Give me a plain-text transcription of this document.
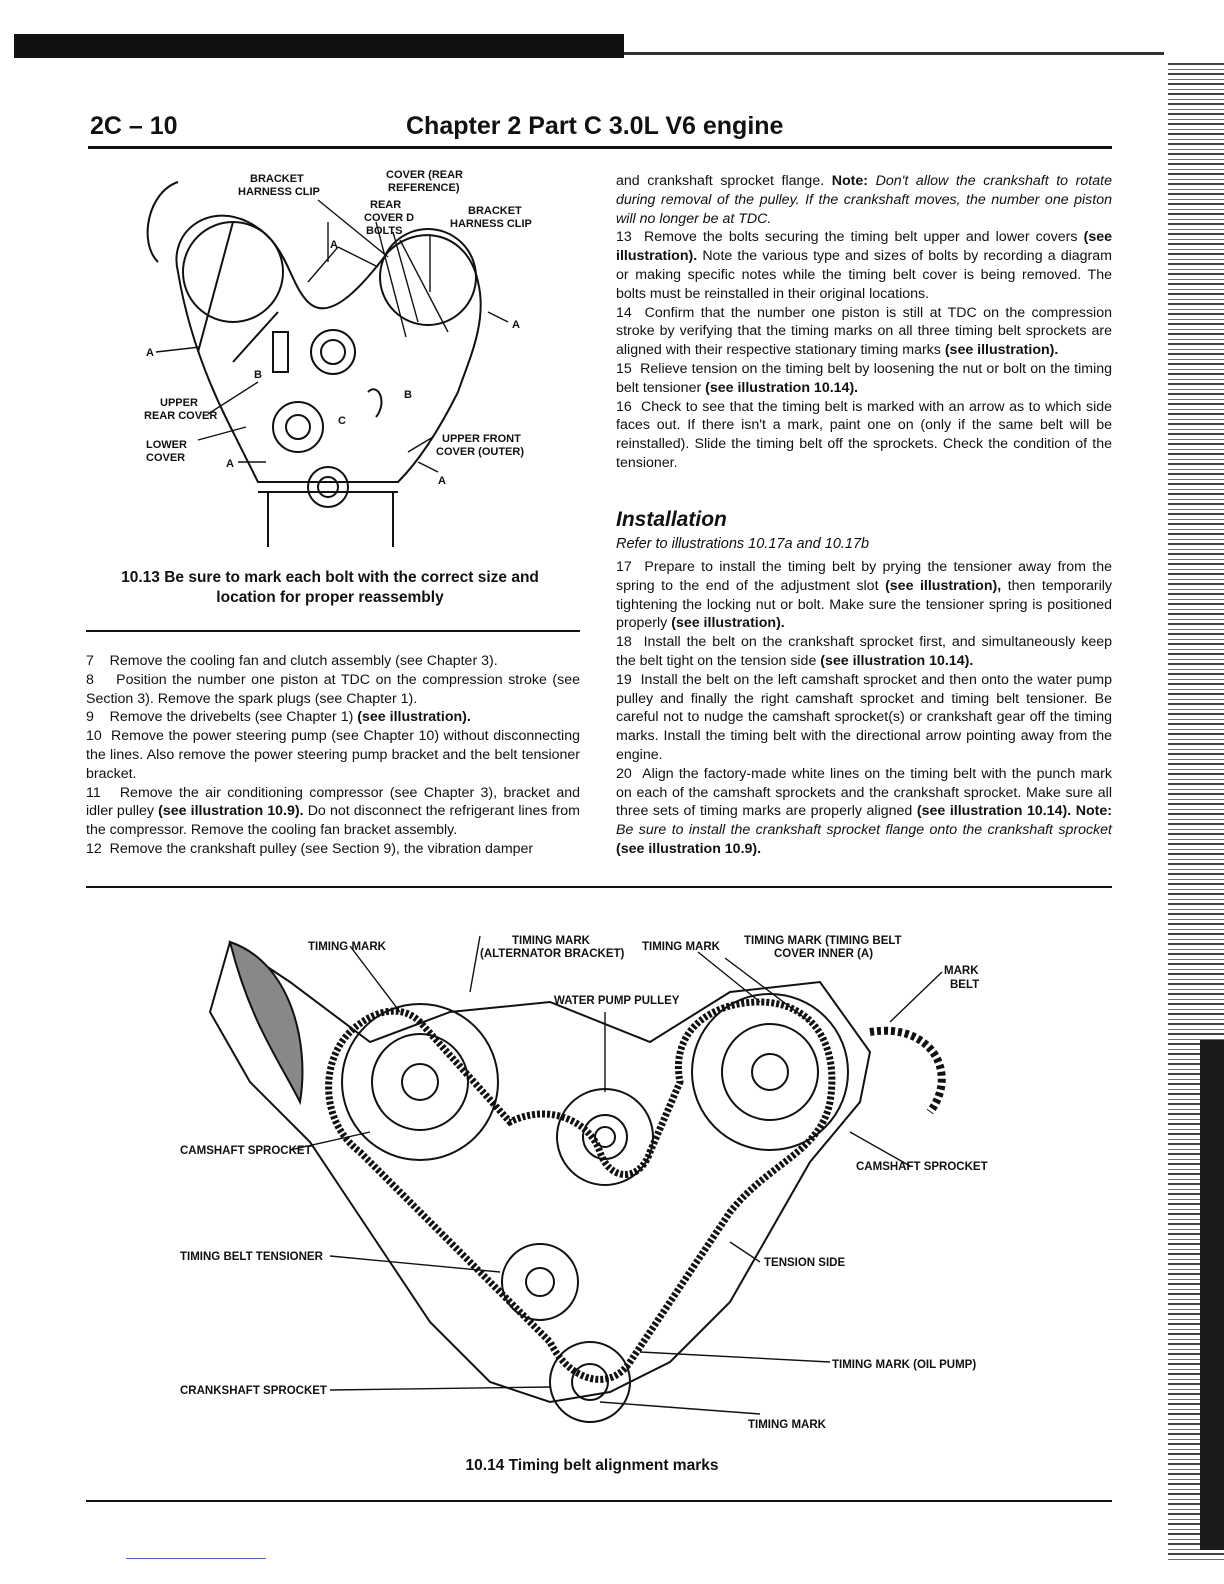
2C – 10	Chapter 2 Part C 3.0L V6 engine
BRACKET
HARNESS CLIP
COVER (REAR
REFERENCE)
REAR
COVER D
BOLTS
BRACKET
HARNESS CLIP
UPPER
REAR COVER
LOWER
COVER
UPPER FRONT
COVER (OUTER)
A
A
A
A
A
B
B
C
10.13 Be sure to mark each bolt with the correct size and location for proper reassembly

7 Remove the cooling fan and clutch assembly (see Chapter 3).

8 Position the number one piston at TDC on the compression stroke (see Section 3). Remove the spark plugs (see Chapter 1).

9 Remove the drivebelts (see Chapter 1) (see illustration).

10 Remove the power steering pump (see Chapter 10) without disconnecting the lines. Also remove the power steering pump bracket and the belt tensioner bracket.

11 Remove the air conditioning compressor (see Chapter 3), bracket and idler pulley (see illustration 10.9). Do not disconnect the refrigerant lines from the compressor. Remove the cooling fan bracket assembly.

12 Remove the crankshaft pulley (see Section 9), the vibration damper

and crankshaft sprocket flange. Note: Don't allow the crankshaft to rotate during removal of the pulley. If the crankshaft moves, the number one piston will no longer be at TDC.

13 Remove the bolts securing the timing belt upper and lower covers (see illustration). Note the various type and sizes of bolts by recording a diagram or making specific notes while the timing belt cover is being removed. The bolts must be reinstalled in their original locations.

14 Confirm that the number one piston is still at TDC on the compression stroke by verifying that the timing marks on all three timing belt sprockets are aligned with their respective stationary timing marks (see illustration).

15 Relieve tension on the timing belt by loosening the nut or bolt on the timing belt tensioner (see illustration 10.14).

16 Check to see that the timing belt is marked with an arrow as to which side faces out. If there isn't a mark, paint one on (only if the same belt will be reinstalled). Slide the timing belt off the sprockets. Check the condition of the tensioner.

Installation
Refer to illustrations 10.17a and 10.17b

17 Prepare to install the timing belt by prying the tensioner away from the spring to the end of the adjustment slot (see illustration), then temporarily tightening the locking nut or bolt. Make sure the tensioner spring is positioned properly (see illustration).

18 Install the belt on the crankshaft sprocket first, and simultaneously keep the belt tight on the tension side (see illustration 10.14).

19 Install the belt on the left camshaft sprocket and then onto the water pump pulley and finally the right camshaft sprocket and timing belt tensioner. Be careful not to nudge the camshaft sprocket(s) or crankshaft gear off the timing marks. Install the timing belt with the directional arrow pointing away from the engine.

20 Align the factory-made white lines on the timing belt with the punch mark on each of the camshaft sprockets and the crankshaft sprocket. Make sure all three sets of timing marks are properly aligned (see illustration 10.14). Note: Be sure to install the crankshaft sprocket flange onto the crankshaft sprocket (see illustration 10.9).

TIMING MARK	TIMING MARK
(ALTERNATOR BRACKET)
TIMING MARK TIMING MARK (TIMING BELT
COVER INNER (A)
MARK
BELT
WATER PUMP PULLEY
CAMSHAFT SPROCKET
CAMSHAFT SPROCKET
TIMING BELT TENSIONER	TENSION SIDE
TIMING MARK (OIL PUMP)
CRANKSHAFT SPROCKET
TIMING MARK
10.14 Timing belt alignment marks
